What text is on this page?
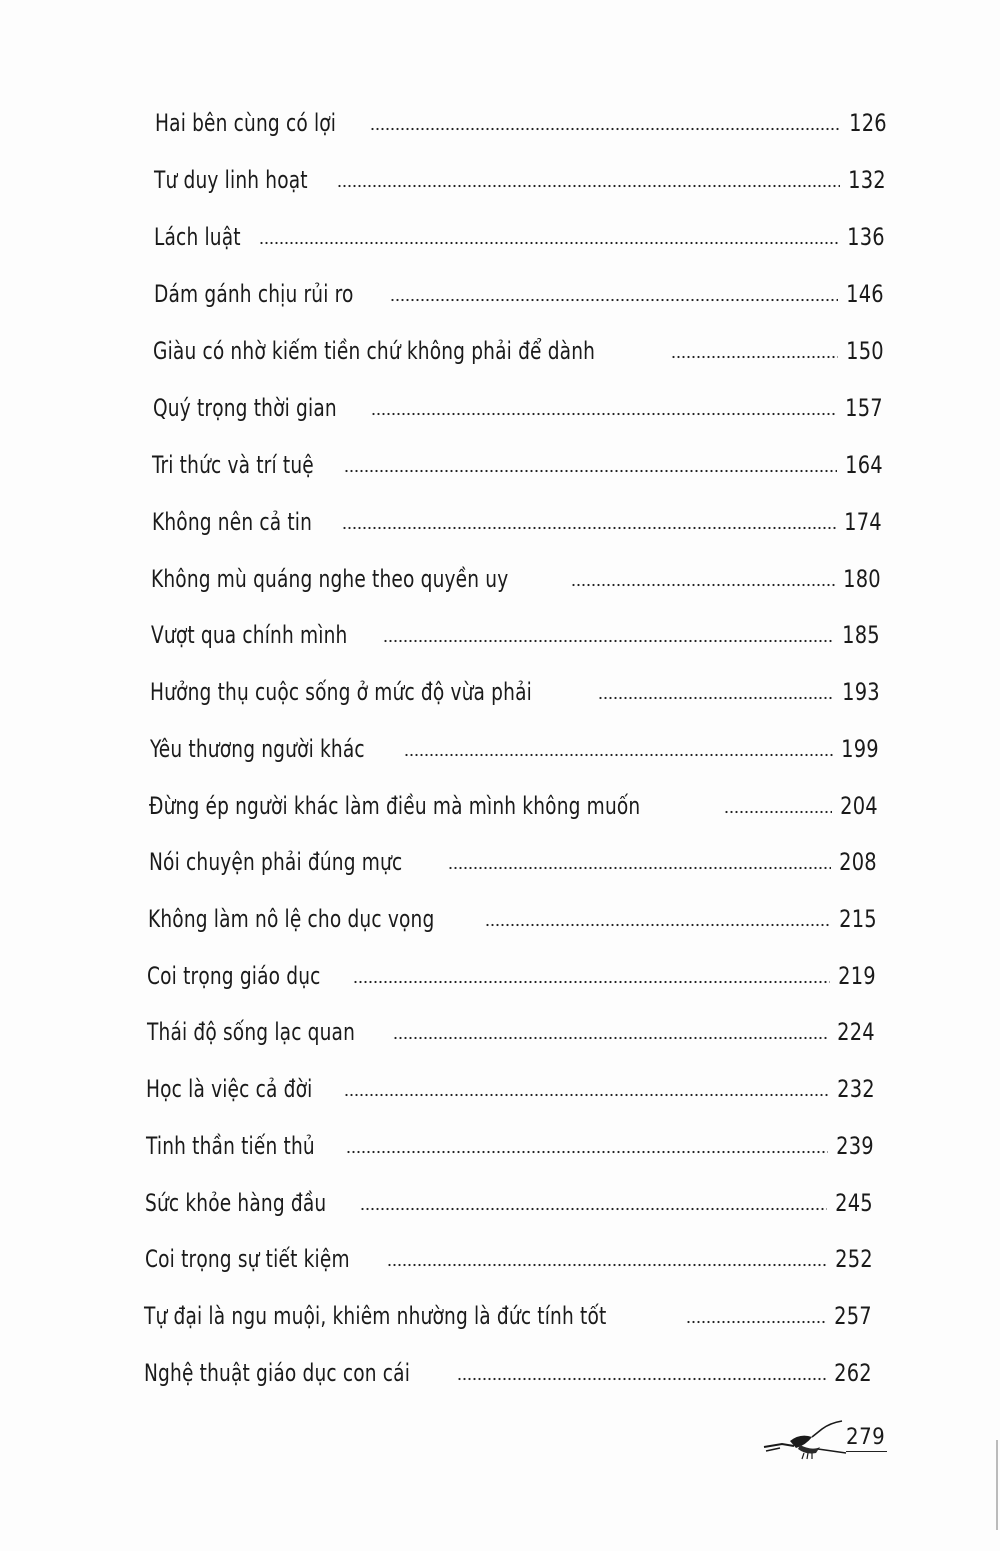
Hai bên cùng có lợi	126
Tư duy linh hoạt	132
Lách luật	136
Dám gánh chịu rủi ro	146
Giàu có nhờ kiếm tiền chứ không phải để dành	150
Quý trọng thời gian	157
Tri thức và trí tuệ	164
Không nên cả tin	174
Không mù quáng nghe theo quyền uy	180
Vượt qua chính mình	185
Hưởng thụ cuộc sống ở mức độ vừa phải	193
Yêu thương người khác	199
Đừng ép người khác làm điều mà mình không muốn	204
Nói chuyện phải đúng mực	208
Không làm nô lệ cho dục vọng	215
Coi trọng giáo dục	219
Thái độ sống lạc quan	224
Học là việc cả đời	232
Tinh thần tiến thủ	239
Sức khỏe hàng đầu	245
Coi trọng sự tiết kiệm	252
Tự đại là ngu muội, khiêm nhường là đức tính tốt	257
Nghệ thuật giáo dục con cái	262
279
